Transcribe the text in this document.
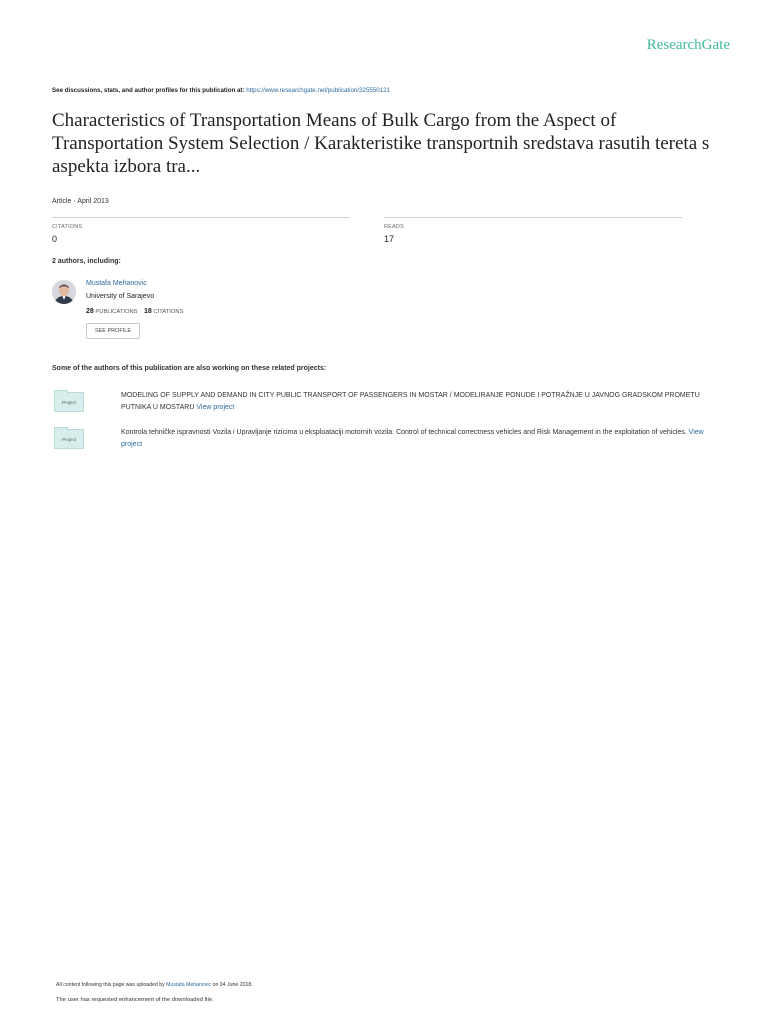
ResearchGate
See discussions, stats, and author profiles for this publication at: https://www.researchgate.net/publication/325550121
Characteristics of Transportation Means of Bulk Cargo from the Aspect of Transportation System Selection / Karakteristike transportnih sredstava rasutih tereta s aspekta izbora tra...
Article · April 2013
CITATIONS
0
READS
17
2 authors, including:
Mustafa Mehanovic
University of Sarajevo
28 PUBLICATIONS 18 CITATIONS
SEE PROFILE
Some of the authors of this publication are also working on these related projects:
Project
MODELING OF SUPPLY AND DEMAND IN CITY PUBLIC TRANSPORT OF PASSENGERS IN MOSTAR / MODELIRANJE PONUDE I POTRAŽNJE U JAVNOG GRADSKOM PROMETU PUTNIKA U MOSTARU View project
Project
Kontrola tehničke ispravnosti Vozila i Upravljanje rizicima u eksploataciji motornih vozila. Control of technical correctness vehicles and Risk Management in the exploitation of vehicles. View project
All content following this page was uploaded by Mustafa Mehanovic on 04 June 2018.
The user has requested enhancement of the downloaded file.
